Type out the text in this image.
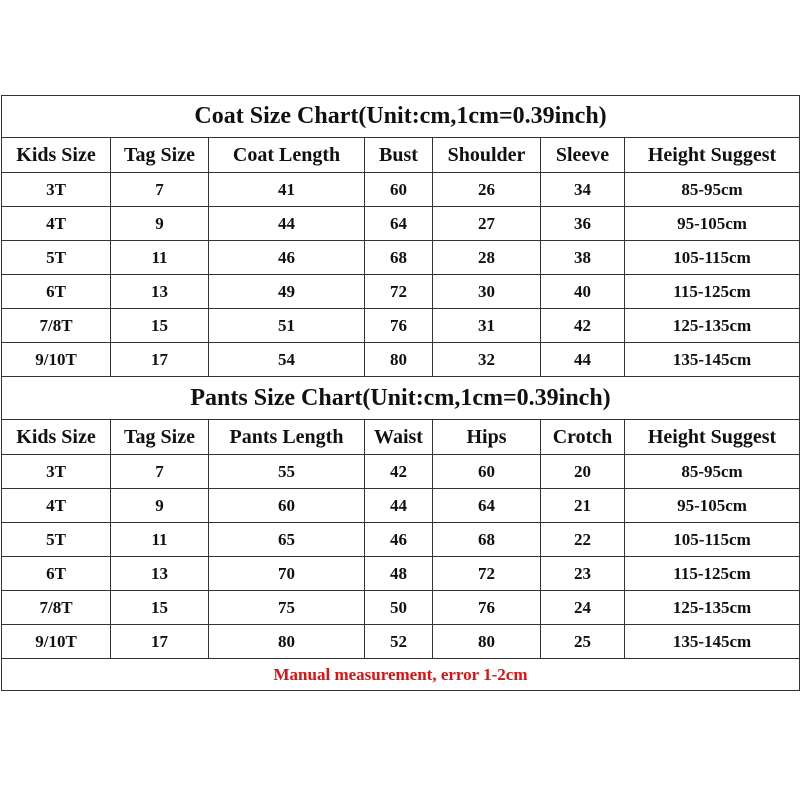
Coat Size Chart(Unit:cm,1cm=0.39inch)						
Kids Size	Tag Size	Coat Length	Bust	Shoulder	Sleeve	Height Suggest
3T	7	41	60	26	34	85-95cm
4T	9	44	64	27	36	95-105cm
5T	11	46	68	28	38	105-115cm
6T	13	49	72	30	40	115-125cm
7/8T	15	51	76	31	42	125-135cm
9/10T	17	54	80	32	44	135-145cm
Pants Size Chart(Unit:cm,1cm=0.39inch)						
Kids Size	Tag Size	Pants Length	Waist	Hips	Crotch	Height Suggest
3T	7	55	42	60	20	85-95cm
4T	9	60	44	64	21	95-105cm
5T	11	65	46	68	22	105-115cm
6T	13	70	48	72	23	115-125cm
7/8T	15	75	50	76	24	125-135cm
9/10T	17	80	52	80	25	135-145cm
Manual measurement, error 1-2cm						
